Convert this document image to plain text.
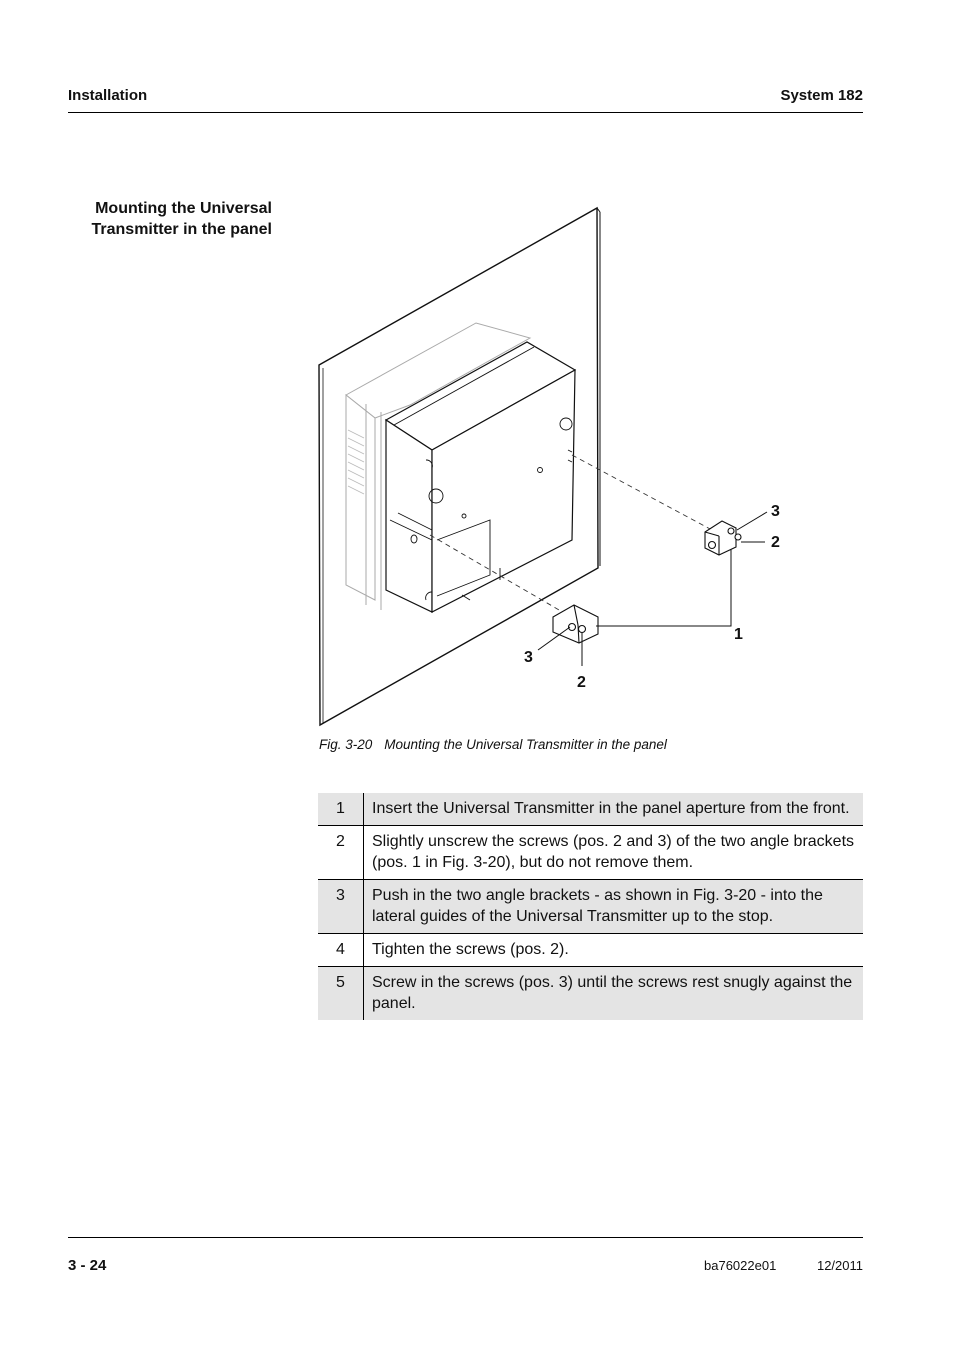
Installation	System 182
Mounting the Universal Transmitter in the panel
3
2
1
3
2
Fig. 3-20 Mounting the Universal Transmitter in the panel
1	Insert the Universal Transmitter in the panel aperture from the front.
2	Slightly unscrew the screws (pos. 2 and 3) of the two angle brackets (pos. 1 in Fig. 3-20), but do not remove them.
3	Push in the two angle brackets - as shown in Fig. 3-20 - into the lateral guides of the Universal Transmitter up to the stop.
4	Tighten the screws (pos. 2).
5	Screw in the screws (pos. 3) until the screws rest snugly against the panel.
3 - 24	ba76022e01	12/2011
